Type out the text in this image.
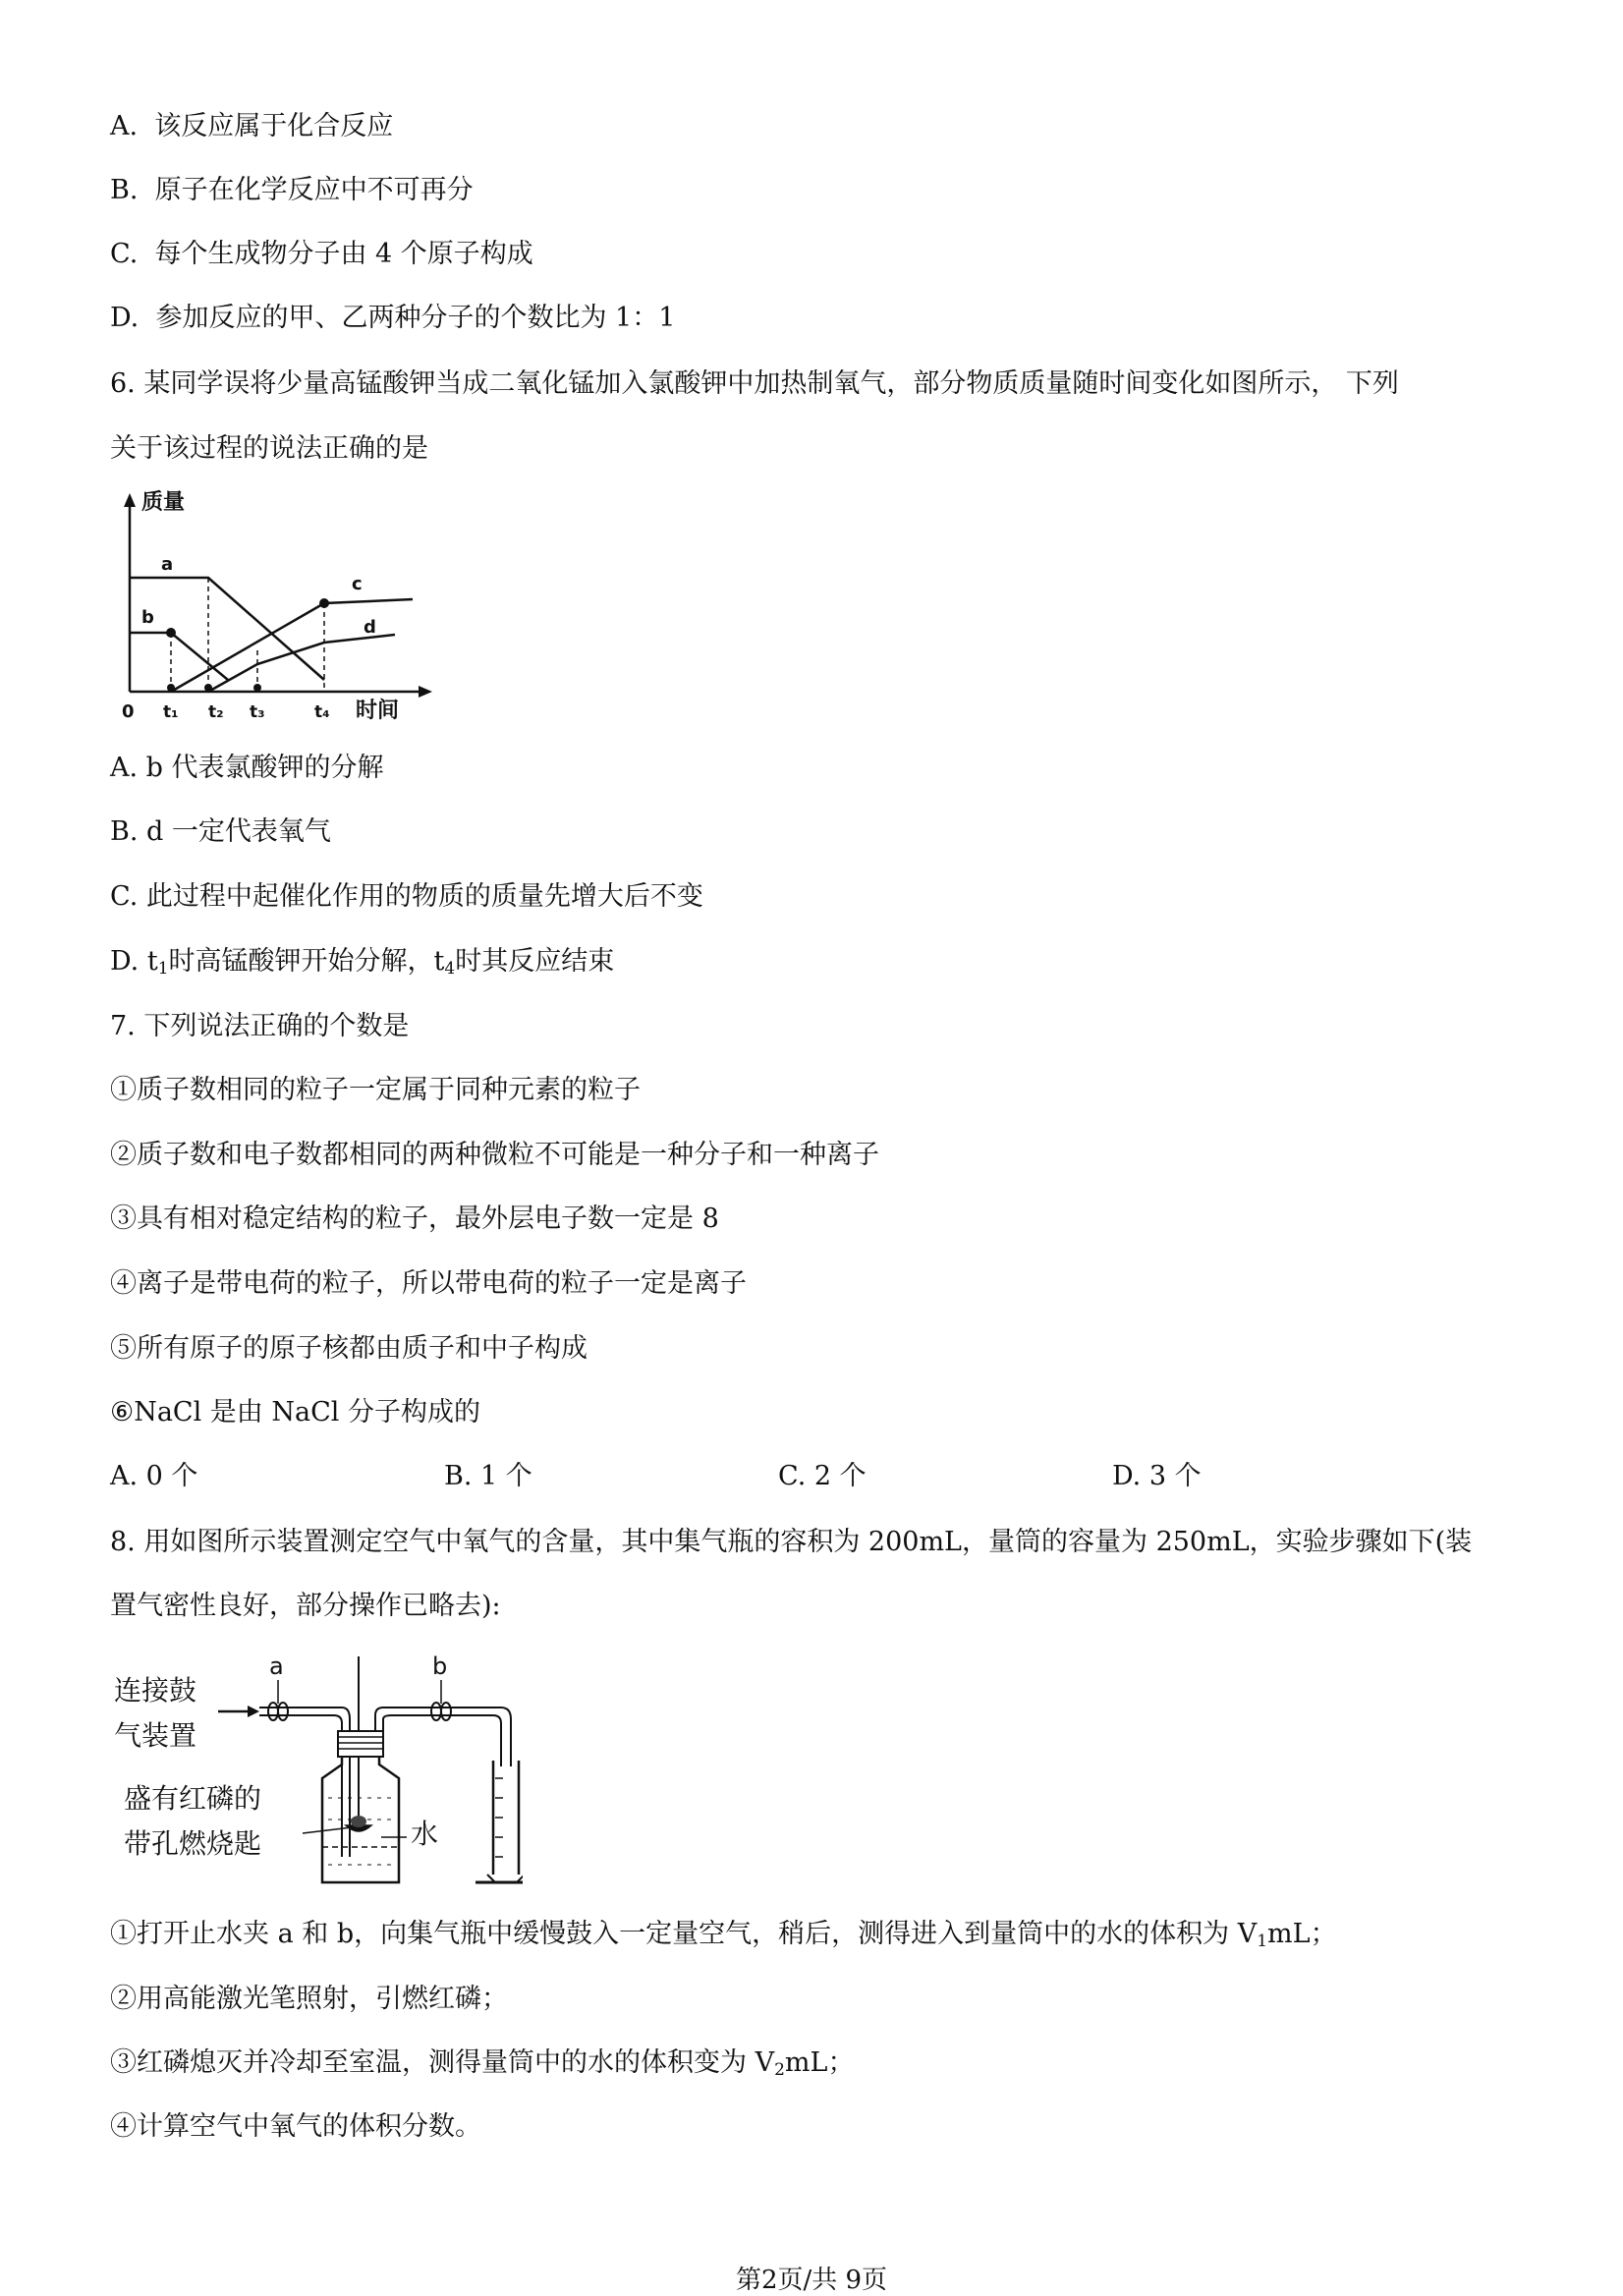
A. 该反应属于化合反应
B. 原子在化学反应中不可再分
C. 每个生成物分子由 4 个原子构成
D. 参加反应的甲、乙两种分子的个数比为 1：1
6. 某同学误将少量高锰酸钾当成二氧化锰加入氯酸钾中加热制氧气，部分物质质量随时间变化如图所示， 下列
关于该过程的说法正确的是
质量
时间
0 t₁ t₂ t₃	t₄
a
b
c
d
A. b 代表氯酸钾的分解
B. d 一定代表氧气
C. 此过程中起催化作用的物质的质量先增大后不变
D. $t_1$时高锰酸钾开始分解，$t_4$时其反应结束
7. 下列说法正确的个数是
①质子数相同的粒子一定属于同种元素的粒子
②质子数和电子数都相同的两种微粒不可能是一种分子和一种离子
③具有相对稳定结构的粒子，最外层电子数一定是 8
④离子是带电荷的粒子，所以带电荷的粒子一定是离子
⑤所有原子的原子核都由质子和中子构成
⑥NaCl 是由 NaCl 分子构成的
A. 0 个	B. 1 个	C. 2 个	D. 3 个
8. 用如图所示装置测定空气中氧气的含量，其中集气瓶的容积为 200mL，量筒的容量为 250mL，实验步骤如下(装
置气密性良好，部分操作已略去):
连接鼓
气装置
盛有红磷的
带孔燃烧匙	水
a	b
①打开止水夹 a 和 b，向集气瓶中缓慢鼓入一定量空气，稍后，测得进入到量筒中的水的体积为 $V_1mL$；
②用高能激光笔照射，引燃红磷；
③红磷熄灭并冷却至室温，测得量筒中的水的体积变为 $V_2mL$；
④计算空气中氧气的体积分数。
第2页/共 9页
